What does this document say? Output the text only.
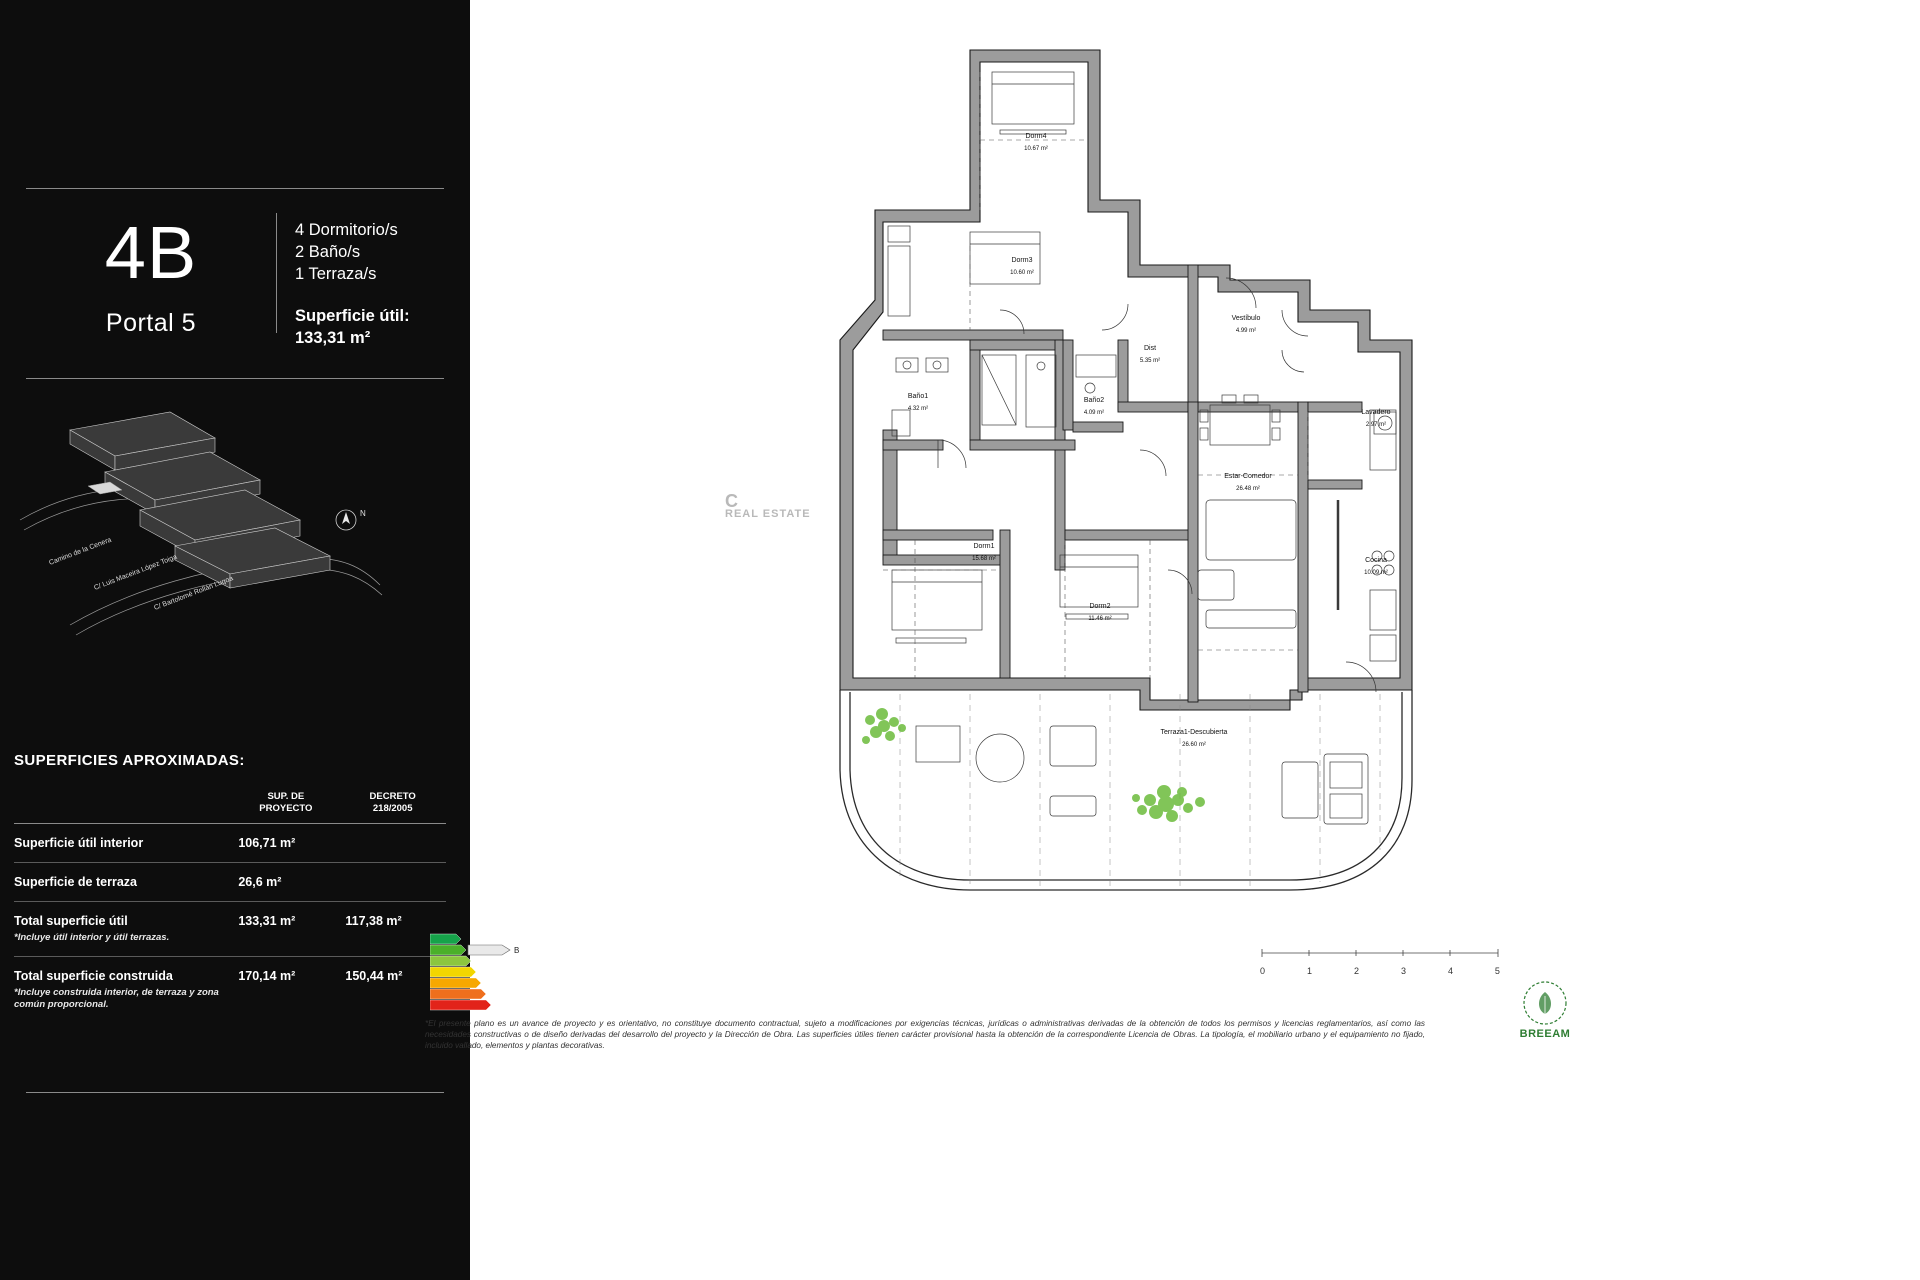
4B
Portal 5
4 Dormitorio/s
2 Baño/s
1 Terraza/s
Superficie útil:
133,31 m²
N
Camino de la Cenera
C/ Luis Maceira López Toiga
C/ Bartolomé Rollán Luqoa
SUPERFICIES APROXIMADAS:
	SUP. DE
PROYECTO	DECRETO
218/2005
Superficie útil interior	106,71 m²	
Superficie de terraza	26,6 m²	
Total superficie útil
*Incluye útil interior y útil terrazas.	133,31 m²	117,38 m²
Total superficie construida
*Incluye construida interior, de terraza y zona común proporcional.	170,14 m²	150,44 m²
Dorm4
10.67 m²
Dorm3
10.60 m²
Vestíbulo
4.99 m²
Dist
5.35 m²
Baño1
4.32 m²
Baño2
4.09 m²	Lavadero
2.97 m²
Estar-Comedor
26.48 m²
Cocina
10.09 m²
Dorm1
15.68 m²
Dorm2
11.46 m²
Terraza1-Descubierta
26.60 m²
C
REAL ESTATE
B
0	1	2	3	4	5
BREEAM
*El presente plano es un avance de proyecto y es orientativo, no constituye documento contractual, sujeto a modificaciones por exigencias técnicas, jurídicas o administrativas derivadas de la obtención de todos los permisos y licencias reglamentarios, así como las necesidades constructivas o de diseño derivadas del desarrollo del proyecto y la Dirección de Obra. Las superficies útiles tienen carácter provisional hasta la obtención de la correspondiente Licencia de Obras. La tipología, el mobiliario urbano y el equipamiento no fijado, incluido vallado, elementos y plantas decorativas.
